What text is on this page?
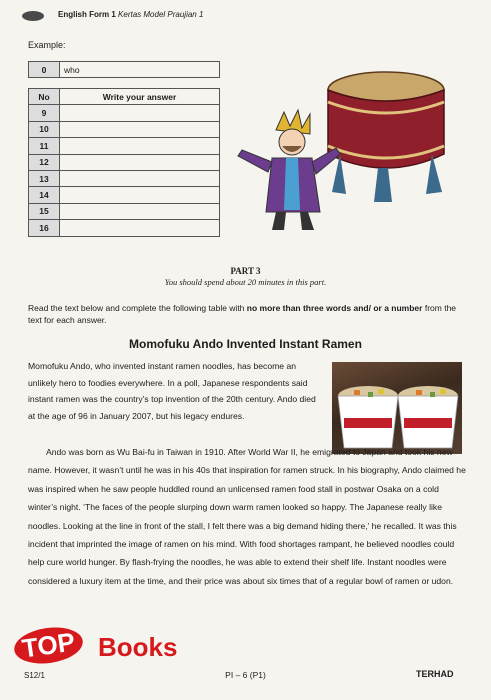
English Form 1 Kertas Model Praujian 1
Example:
0	who
No	Write your answer
9	
10	
11	
12	
13	
14	
15	
16	
PART 3
You should spend about 20 minutes in this part.
Read the text below and complete the following table with no more than three words and/ or a number from the text for each answer.
Momofuku Ando Invented Instant Ramen
Momofuku Ando, who invented instant ramen noodles, has become an unlikely hero to foodies everywhere. In a poll, Japanese respondents said instant ramen was the country’s top invention of the 20th century. Ando died at the age of 96 in January 2007, but his legacy endures.
Ando was born as Wu Bai-fu in Taiwan in 1910. After World War II, he emigrated to Japan and took his new name. However, it wasn’t until he was in his 40s that inspiration for ramen struck. In his biography, Ando claimed he was inspired when he saw people huddled round an unlicensed ramen food stall in postwar Osaka on a cold winter’s night. ‘The faces of the people slurping down warm ramen looked so happy. The Japanese really like noodles. Looking at the line in front of the stall, I felt there was a big demand hiding there,’ he recalled. It was this incident that imprinted the image of ramen on his mind. With food shortages rampant, he believed noodles could help cure world hunger. By flash-frying the noodles, he was able to extend their shelf life. Instant noodles were considered a luxury item at the time, and their price was about six times that of a regular bowl of ramen or udon.
TOP Books
S12/1	PI – 6 (P1)	TERHAD
